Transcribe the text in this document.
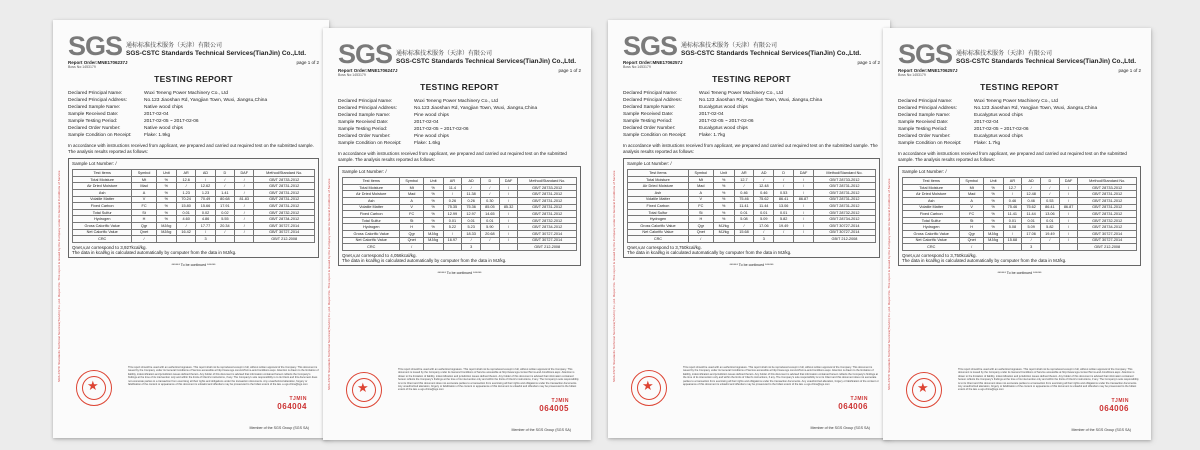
SGS-CSTC Standards Technical Services(TianJin) Co.,Ltd. Report No. This report is issued by the Company under its General Conditions of Service
SGS 通标标准技术服务（天津）有限公司
SGS-CSTC Standards Technical Services(TianJin) Co.,Ltd.
Report Order:MNE1706237J	page 1 of 2
Boss No:1453179
TESTING REPORT
Declared Principal Name:	Wuxi Teneng Power Machinery Co., Ltd
Declared Principal Address:	No.123 Jiaoshan Rd, Yangjian Town, Wuxi, Jiangsu,China
Declared Sample Name:	Native wood chips
Sample Received Date:	2017-02-04
Sample Testing Period:	2017-02-05 ~ 2017-02-06
Declared Order Number:	Native wood chips
Sample Condition on Receipt:	Flake: 1.9kg
In accordance with instructions received from applicant, we prepared and carried out required test on the submitted sample. The analysis results reported as follows:
Sample Lot Number: /
Test Items	Symbol	Unit	AR	AD	D	DAF	Method/Standard No.
Total Moisture	Mt	%	12.6	/	/	/	GB/T 28733-2012
Air Dried Moisture	Mad	%	/	12.62	/	/	GB/T 28731-2012
Ash	A	%	1.23	1.23	1.41	/	GB/T 28731-2012
Volatile Matter	V	%	70.24	70.49	80.68	81.83	GB/T 28731-2012
Fixed Carbon	FC	%	15.80	15.66	17.91	/	GB/T 28731-2012
Total Sulfur	St	%	0.01	0.02	0.02	/	GB/T 28732-2012
Hydrogen	H	%	4.60	4.86	5.55	/	GB/T 28734-2012
Gross Calorific Value	Qgr	MJ/kg	/	17.77	20.34	/	GB/T 30727-2014
Net Calorific Value	Qnet	MJ/kg	16.42	/	/	/	GB/T 30727-2014
CRC	/			3			GB/T 212-2008
Qnet,v,ar correspond to 3,927kcal/kg.
The data in kcal/kg is calculated automatically by computer from the data in MJ/kg.
****** To be continued ******
★
This report should be used with an authorized signature. This report shall not be reproduced except in full, without written approval of the Company. This document is issued by the Company under its General Conditions of Service accessible at http://www.sgs.com/en/Terms-and-Conditions.aspx. Attention is drawn to the limitation of liability, indemnification and jurisdiction issues defined therein. Any holder of this document is advised that information contained hereon reflects the Company's findings at the time of its intervention only and within the limits of Client's instructions, if any. The Company's sole responsibility is to its Client and this document does not exonerate parties to a transaction from exercising all their rights and obligations under the transaction documents. Any unauthorized alteration, forgery or falsification of the content or appearance of this document is unlawful and offenders may be prosecuted to the fullest extent of the law. e-sgs.china@sgs.com
TJMIN
064004
Member of the SGS Group (SGS SA)
SGS-CSTC Standards Technical Services(TianJin) Co.,Ltd. Report No. This report is issued by the Company under its General Conditions of Service
SGS 通标标准技术服务（天津）有限公司
SGS-CSTC Standards Technical Services(TianJin) Co.,Ltd.
Report Order:MNE1706247J	page 1 of 2
Boss No:1453179
TESTING REPORT
Declared Principal Name:	Wuxi Teneng Power Machinery Co., Ltd
Declared Principal Address:	No.123 Jiaoshan Rd, Yangjian Town, Wuxi, Jiangsu,China
Declared Sample Name:	Pine wood chips
Sample Received Date:	2017-02-04
Sample Testing Period:	2017-02-05 ~ 2017-02-06
Declared Order Number:	Pine wood chips
Sample Condition on Receipt:	Flake: 1.6kg
In accordance with instructions received from applicant, we prepared and carried out required test on the submitted sample. The analysis results reported as follows:
Sample Lot Number: /
Test Items	Symbol	Unit	AR	AD	D	DAF	Method/Standard No.
Total Moisture	Mt	%	11.4	/	/	/	GB/T 28733-2012
Air Dried Moisture	Mad	%	/	11.38	/	/	GB/T 28731-2012
Ash	A	%	0.26	0.26	0.30	/	GB/T 28731-2012
Volatile Matter	V	%	75.35	75.36	85.05	85.32	GB/T 28731-2012
Fixed Carbon	FC	%	12.99	12.97	14.65	/	GB/T 28731-2012
Total Sulfur	St	%	0.01	0.01	0.01	/	GB/T 28732-2012
Hydrogen	H	%	5.22	5.23	5.90	/	GB/T 28734-2012
Gross Calorific Value	Qgr	MJ/kg	/	18.33	20.68	/	GB/T 30727-2014
Net Calorific Value	Qnet	MJ/kg	16.97	/	/	/	GB/T 30727-2014
CRC	/			3			GB/T 212-2008
Qnet,v,ar correspond to 4,056kcal/kg.
The data in kcal/kg is calculated automatically by computer from the data in MJ/kg.
****** To be continued ******
★
This report should be used with an authorized signature. This report shall not be reproduced except in full, without written approval of the Company. This document is issued by the Company under its General Conditions of Service accessible at http://www.sgs.com/en/Terms-and-Conditions.aspx. Attention is drawn to the limitation of liability, indemnification and jurisdiction issues defined therein. Any holder of this document is advised that information contained hereon reflects the Company's findings at the time of its intervention only and within the limits of Client's instructions, if any. The Company's sole responsibility is to its Client and this document does not exonerate parties to a transaction from exercising all their rights and obligations under the transaction documents. Any unauthorized alteration, forgery or falsification of the content or appearance of this document is unlawful and offenders may be prosecuted to the fullest extent of the law. e-sgs.china@sgs.com
TJMIN
064005
Member of the SGS Group (SGS SA)
SGS-CSTC Standards Technical Services(TianJin) Co.,Ltd. Report No. This report is issued by the Company under its General Conditions of Service
SGS 通标标准技术服务（天津）有限公司
SGS-CSTC Standards Technical Services(TianJin) Co.,Ltd.
Report Order:MNE1706257J	page 1 of 2
Boss No:1453179
TESTING REPORT
Declared Principal Name:	Wuxi Teneng Power Machinery Co., Ltd
Declared Principal Address:	No.123 Jiaoshan Rd, Yangjian Town, Wuxi, Jiangsu,China
Declared Sample Name:	Eucalyptus wood chips
Sample Received Date:	2017-02-04
Sample Testing Period:	2017-02-05 ~ 2017-02-06
Declared Order Number:	Eucalyptus wood chips
Sample Condition on Receipt:	Flake: 1.7kg
In accordance with instructions received from applicant, we prepared and carried out required test on the submitted sample. The analysis results reported as follows:
Sample Lot Number: /
Test Items	Symbol	Unit	AR	AD	D	DAF	Method/Standard No.
Total Moisture	Mt	%	12.7	/	/	/	GB/T 28733-2012
Air Dried Moisture	Mad	%	/	12.48	/	/	GB/T 28731-2012
Ash	A	%	0.46	0.46	0.53	/	GB/T 28731-2012
Volatile Matter	V	%	75.46	75.62	86.41	86.87	GB/T 28731-2012
Fixed Carbon	FC	%	11.41	11.44	13.06	/	GB/T 28731-2012
Total Sulfur	St	%	0.01	0.01	0.01	/	GB/T 28732-2012
Hydrogen	H	%	5.08	5.09	5.82	/	GB/T 28734-2012
Gross Calorific Value	Qgr	MJ/kg	/	17.06	19.49	/	GB/T 30727-2014
Net Calorific Value	Qnet	MJ/kg	15.68	/	/	/	GB/T 30727-2014
CRC	/			3			GB/T 212-2008
Qnet,v,ar correspond to 3,750kcal/kg.
The data in kcal/kg is calculated automatically by computer from the data in MJ/kg.
****** To be continued ******
★
This report should be used with an authorized signature. This report shall not be reproduced except in full, without written approval of the Company. This document is issued by the Company under its General Conditions of Service accessible at http://www.sgs.com/en/Terms-and-Conditions.aspx. Attention is drawn to the limitation of liability, indemnification and jurisdiction issues defined therein. Any holder of this document is advised that information contained hereon reflects the Company's findings at the time of its intervention only and within the limits of Client's instructions, if any. The Company's sole responsibility is to its Client and this document does not exonerate parties to a transaction from exercising all their rights and obligations under the transaction documents. Any unauthorized alteration, forgery or falsification of the content or appearance of this document is unlawful and offenders may be prosecuted to the fullest extent of the law. e-sgs.china@sgs.com
TJMIN
064006
Member of the SGS Group (SGS SA)
SGS-CSTC Standards Technical Services(TianJin) Co.,Ltd. Report No. This report is issued by the Company under its General Conditions of Service
SGS 通标标准技术服务（天津）有限公司
SGS-CSTC Standards Technical Services(TianJin) Co.,Ltd.
Report Order:MNE1706257J	page 1 of 2
Boss No:1453179
TESTING REPORT
Declared Principal Name:	Wuxi Teneng Power Machinery Co., Ltd
Declared Principal Address:	No.123 Jiaoshan Rd, Yangjian Town, Wuxi, Jiangsu,China
Declared Sample Name:	Eucalyptus wood chips
Sample Received Date:	2017-02-04
Sample Testing Period:	2017-02-05 ~ 2017-02-06
Declared Order Number:	Eucalyptus wood chips
Sample Condition on Receipt:	Flake: 1.7kg
In accordance with instructions received from applicant, we prepared and carried out required test on the submitted sample. The analysis results reported as follows:
Sample Lot Number: /
Test Items	Symbol	Unit	AR	AD	D	DAF	Method/Standard No.
Total Moisture	Mt	%	12.7	/	/	/	GB/T 28733-2012
Air Dried Moisture	Mad	%	/	12.48	/	/	GB/T 28731-2012
Ash	A	%	0.46	0.46	0.53	/	GB/T 28731-2012
Volatile Matter	V	%	75.46	75.62	86.41	86.87	GB/T 28731-2012
Fixed Carbon	FC	%	11.41	11.44	13.06	/	GB/T 28731-2012
Total Sulfur	St	%	0.01	0.01	0.01	/	GB/T 28732-2012
Hydrogen	H	%	5.08	5.09	5.82	/	GB/T 28734-2012
Gross Calorific Value	Qgr	MJ/kg	/	17.06	19.49	/	GB/T 30727-2014
Net Calorific Value	Qnet	MJ/kg	15.68	/	/	/	GB/T 30727-2014
CRC	/			3			GB/T 212-2008
Qnet,v,ar correspond to 3,750kcal/kg.
The data in kcal/kg is calculated automatically by computer from the data in MJ/kg.
****** To be continued ******
★
This report should be used with an authorized signature. This report shall not be reproduced except in full, without written approval of the Company. This document is issued by the Company under its General Conditions of Service accessible at http://www.sgs.com/en/Terms-and-Conditions.aspx. Attention is drawn to the limitation of liability, indemnification and jurisdiction issues defined therein. Any holder of this document is advised that information contained hereon reflects the Company's findings at the time of its intervention only and within the limits of Client's instructions, if any. The Company's sole responsibility is to its Client and this document does not exonerate parties to a transaction from exercising all their rights and obligations under the transaction documents. Any unauthorized alteration, forgery or falsification of the content or appearance of this document is unlawful and offenders may be prosecuted to the fullest extent of the law. e-sgs.china@sgs.com
TJMIN
064006
Member of the SGS Group (SGS SA)
